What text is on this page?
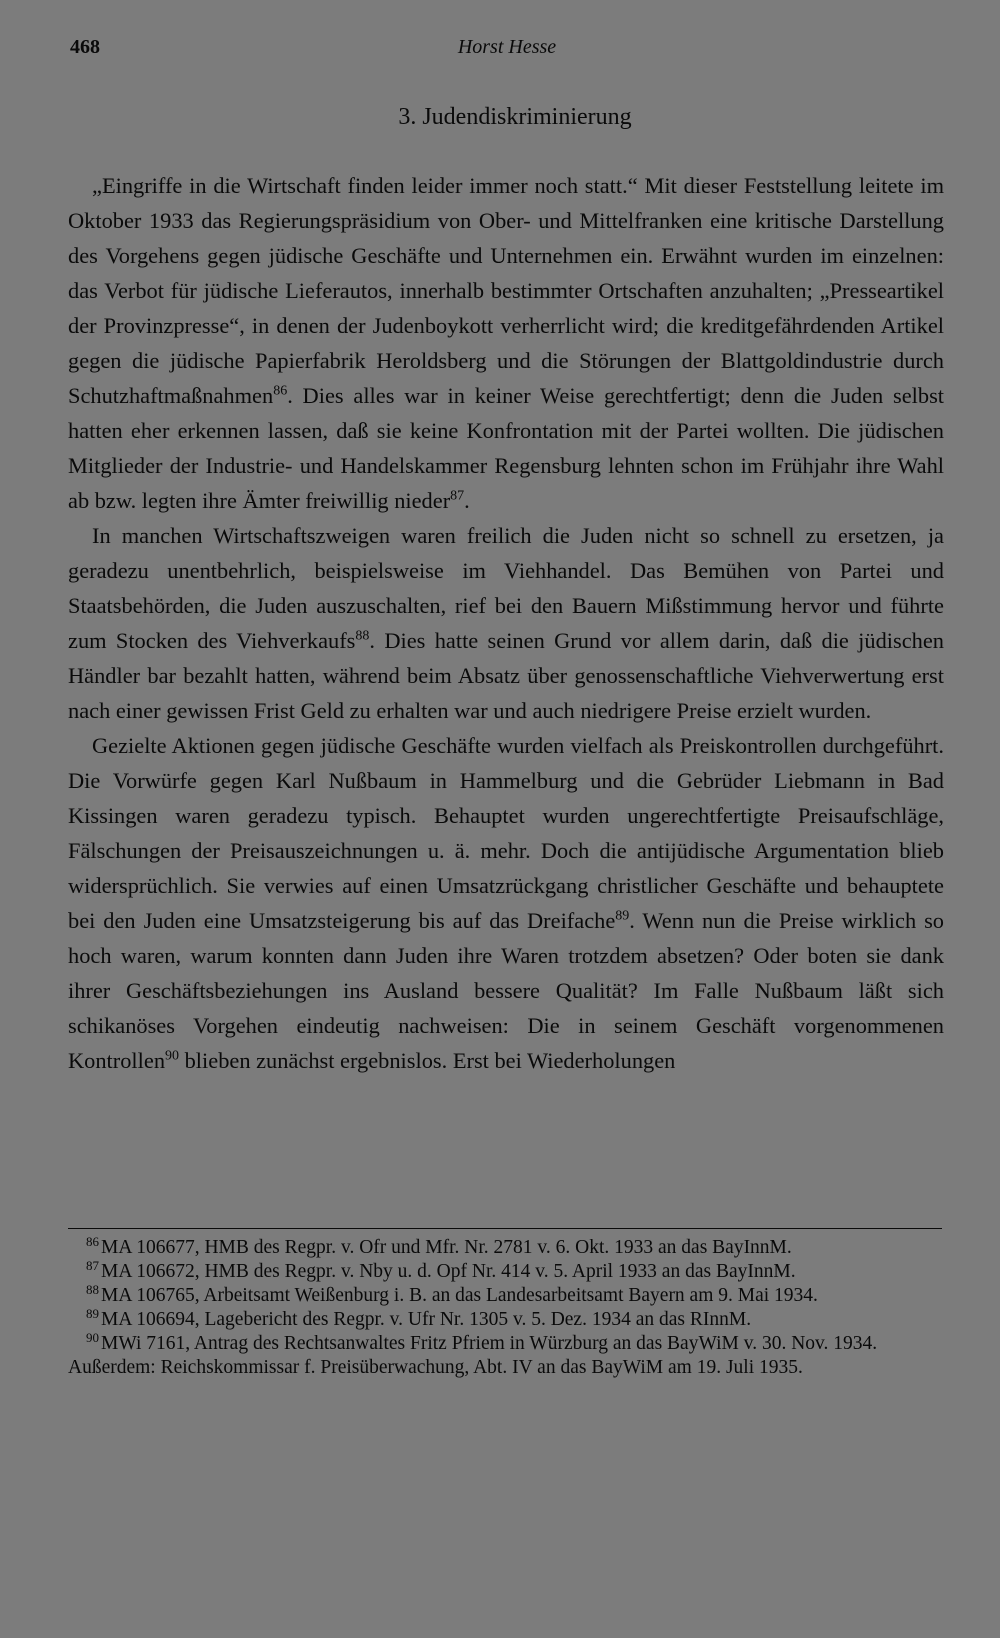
468	Horst Hesse
3. Judendiskriminierung

„Eingriffe in die Wirtschaft finden leider immer noch statt.“ Mit dieser Feststellung leitete im Oktober 1933 das Regierungspräsidium von Ober- und Mittelfranken eine kritische Darstellung des Vorgehens gegen jüdische Geschäfte und Unternehmen ein. Erwähnt wurden im einzelnen: das Verbot für jüdische Lieferautos, innerhalb bestimmter Ortschaften anzuhalten; „Presseartikel der Provinzpresse“, in denen der Judenboykott verherrlicht wird; die kreditgefährdenden Artikel gegen die jüdische Papierfabrik Heroldsberg und die Störungen der Blattgoldindustrie durch Schutzhaftmaßnahmen$^{86}$. Dies alles war in keiner Weise gerechtfertigt; denn die Juden selbst hatten eher erkennen lassen, daß sie keine Konfrontation mit der Partei wollten. Die jüdischen Mitglieder der Industrie- und Handelskammer Regensburg lehnten schon im Frühjahr ihre Wahl ab bzw. legten ihre Ämter freiwillig nieder$^{87}$.

In manchen Wirtschaftszweigen waren freilich die Juden nicht so schnell zu ersetzen, ja geradezu unentbehrlich, beispielsweise im Viehhandel. Das Bemühen von Partei und Staatsbehörden, die Juden auszuschalten, rief bei den Bauern Mißstimmung hervor und führte zum Stocken des Viehverkaufs$^{88}$. Dies hatte seinen Grund vor allem darin, daß die jüdischen Händler bar bezahlt hatten, während beim Absatz über genossenschaftliche Viehverwertung erst nach einer gewissen Frist Geld zu erhalten war und auch niedrigere Preise erzielt wurden.

Gezielte Aktionen gegen jüdische Geschäfte wurden vielfach als Preiskontrollen durchgeführt. Die Vorwürfe gegen Karl Nußbaum in Hammelburg und die Gebrüder Liebmann in Bad Kissingen waren geradezu typisch. Behauptet wurden ungerechtfertigte Preisaufschläge, Fälschungen der Preisauszeichnungen u. ä. mehr. Doch die antijüdische Argumentation blieb widersprüchlich. Sie verwies auf einen Umsatzrückgang christlicher Geschäfte und behauptete bei den Juden eine Umsatzsteigerung bis auf das Dreifache$^{89}$. Wenn nun die Preise wirklich so hoch waren, warum konnten dann Juden ihre Waren trotzdem absetzen? Oder boten sie dank ihrer Geschäftsbeziehungen ins Ausland bessere Qualität? Im Falle Nußbaum läßt sich schikanöses Vorgehen eindeutig nachweisen: Die in seinem Geschäft vorgenommenen Kontrollen$^{90}$ blieben zunächst ergebnislos. Erst bei Wiederholungen

$^{86}$ MA 106677, HMB des Regpr. v. Ofr und Mfr. Nr. 2781 v. 6. Okt. 1933 an das BayInnM.

$^{87}$ MA 106672, HMB des Regpr. v. Nby u. d. Opf Nr. 414 v. 5. April 1933 an das BayInnM.

$^{88}$ MA 106765, Arbeitsamt Weißenburg i. B. an das Landesarbeitsamt Bayern am 9. Mai 1934.

$^{89}$ MA 106694, Lagebericht des Regpr. v. Ufr Nr. 1305 v. 5. Dez. 1934 an das RInnM.

$^{90}$ MWi 7161, Antrag des Rechtsanwaltes Fritz Pfriem in Würzburg an das BayWiM v. 30. Nov. 1934.

Außerdem: Reichskommissar f. Preisüberwachung, Abt. IV an das BayWiM am 19. Juli 1935.
